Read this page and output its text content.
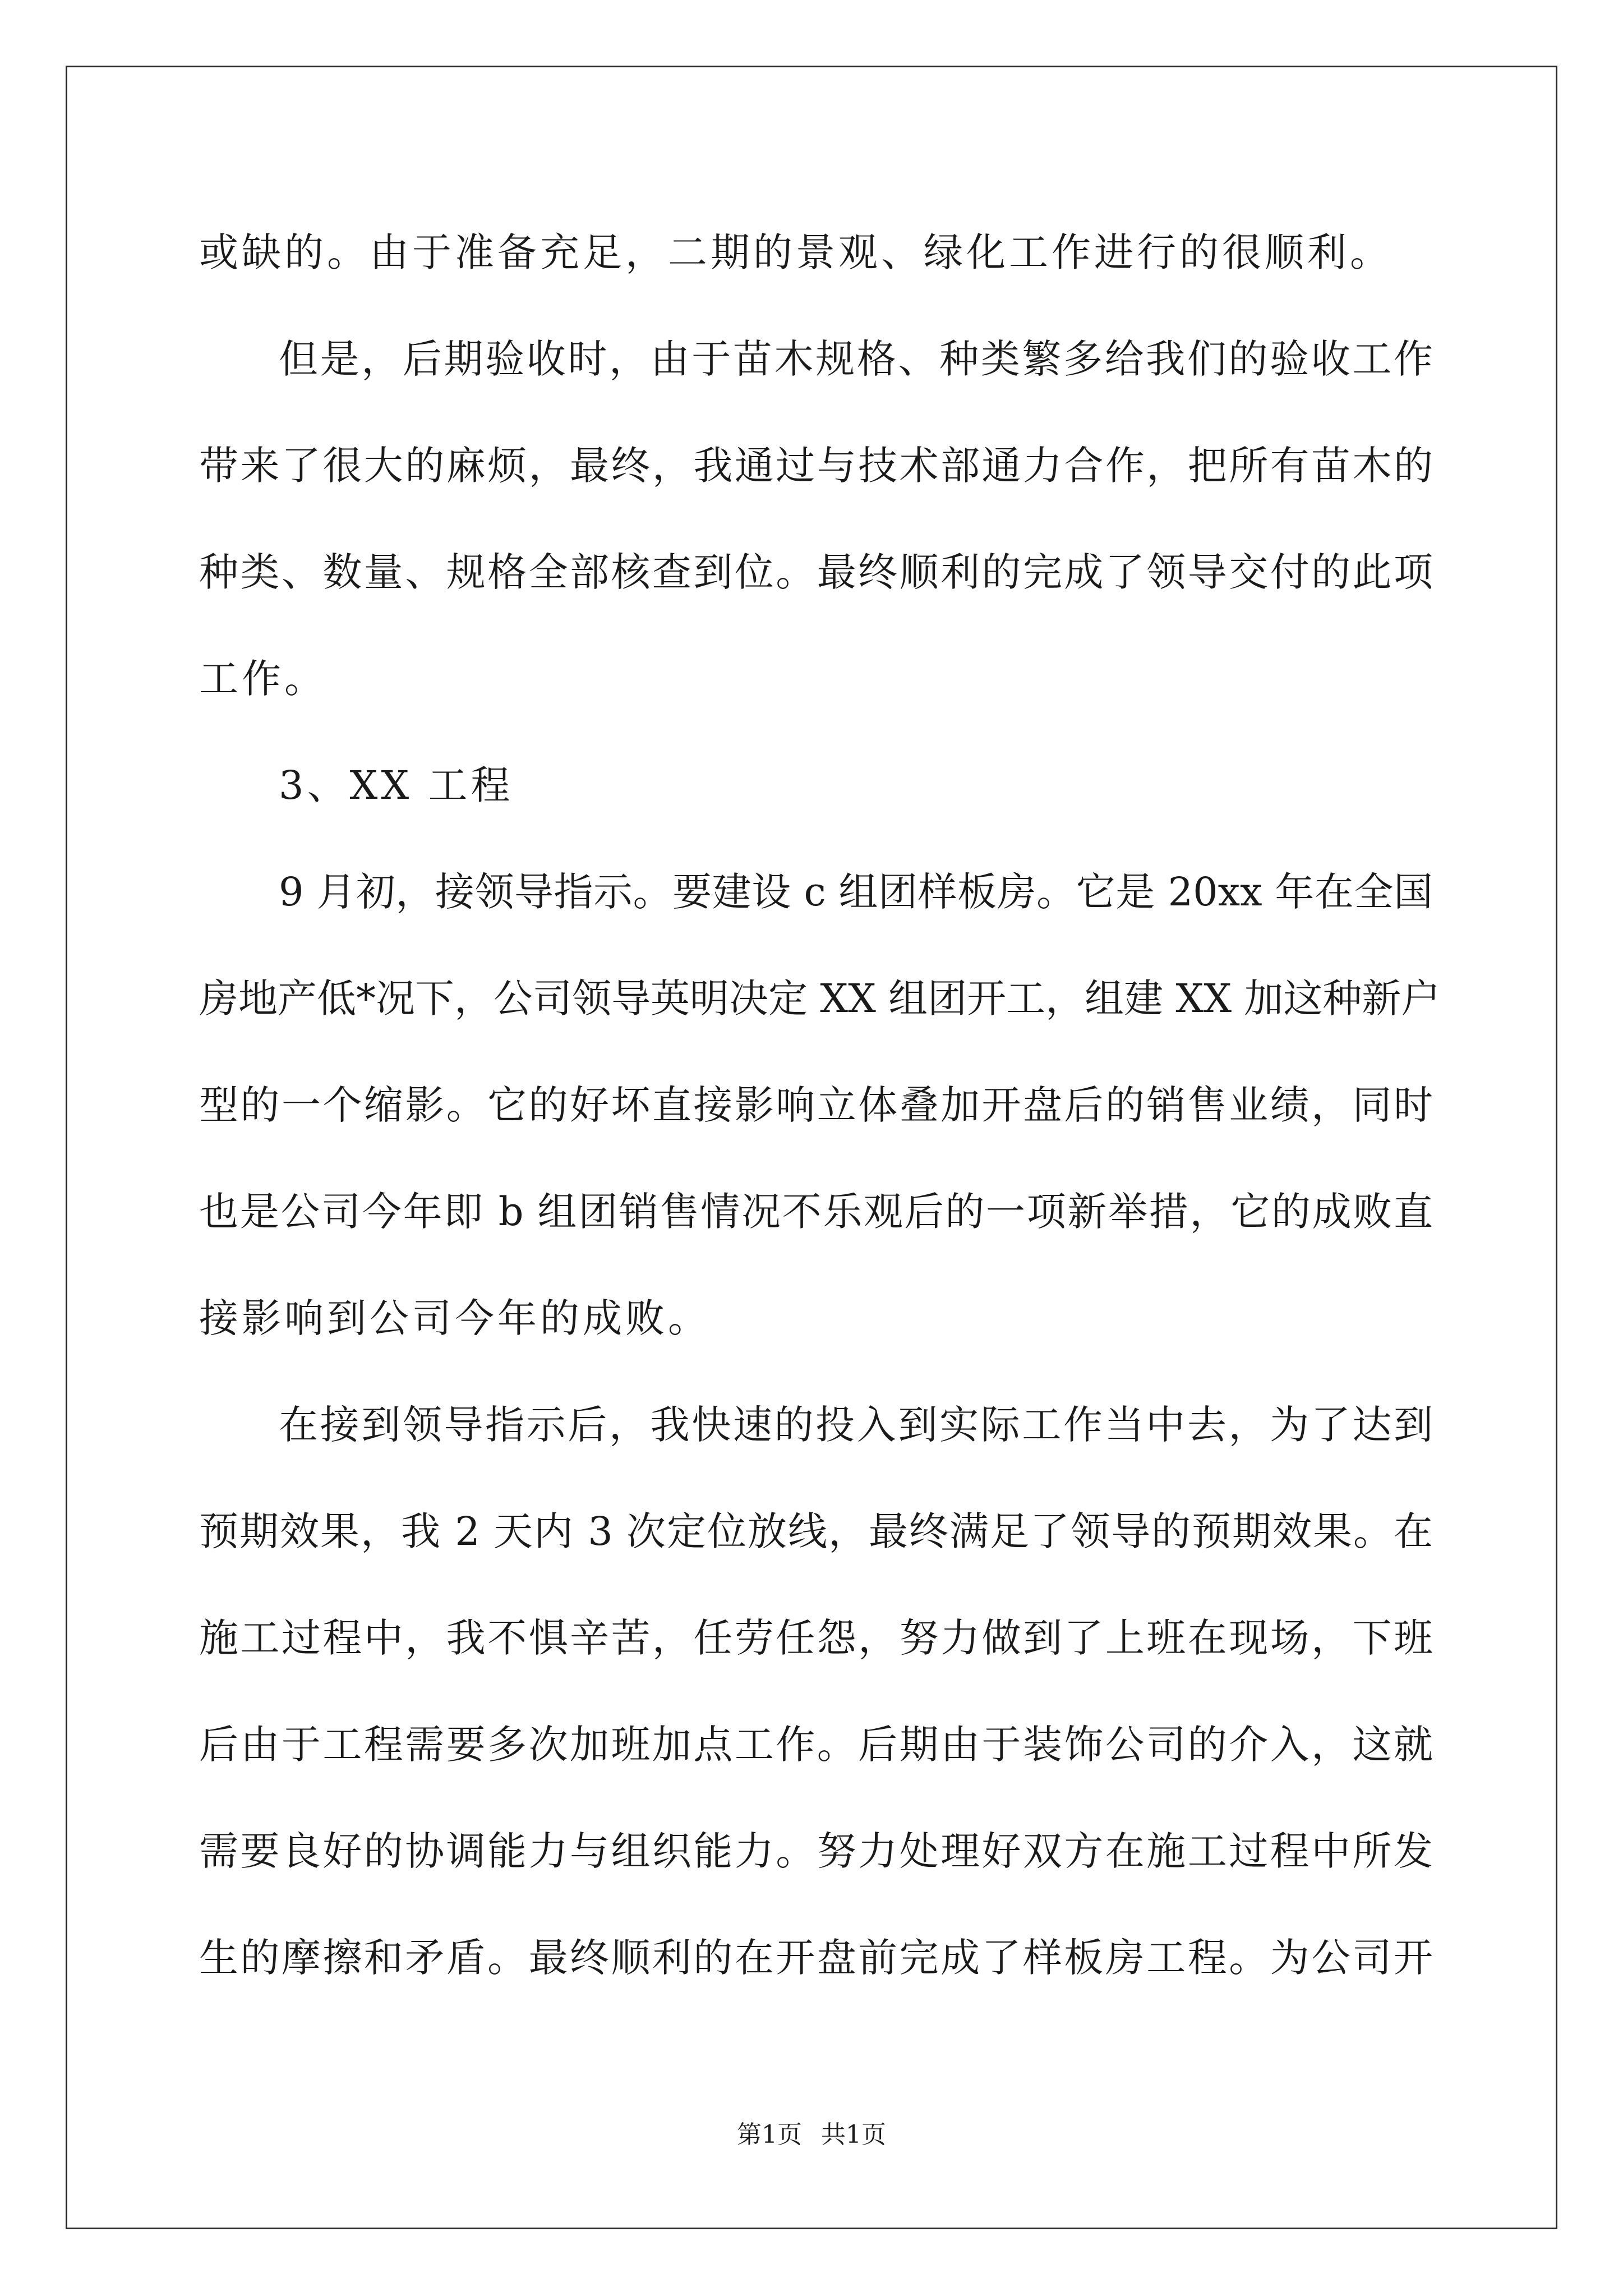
或缺的。由于准备充足，二期的景观、绿化工作进行的很顺利。
但是，后期验收时，由于苗木规格、种类繁多给我们的验收工作
带来了很大的麻烦，最终，我通过与技术部通力合作，把所有苗木的
种类、数量、规格全部核查到位。最终顺利的完成了领导交付的此项
工作。
3、XX 工程
9 月初，接领导指示。要建设 c 组团样板房。它是 20xx 年在全国
房地产低*况下，公司领导英明决定 XX 组团开工，组建 XX 加这种新户
型的一个缩影。它的好坏直接影响立体叠加开盘后的销售业绩，同时
也是公司今年即 b 组团销售情况不乐观后的一项新举措，它的成败直
接影响到公司今年的成败。
在接到领导指示后，我快速的投入到实际工作当中去，为了达到
预期效果，我 2 天内 3 次定位放线，最终满足了领导的预期效果。在
施工过程中，我不惧辛苦，任劳任怨，努力做到了上班在现场，下班
后由于工程需要多次加班加点工作。后期由于装饰公司的介入，这就
需要良好的协调能力与组织能力。努力处理好双方在施工过程中所发
生的摩擦和矛盾。最终顺利的在开盘前完成了样板房工程。为公司开
第1页 共1页
